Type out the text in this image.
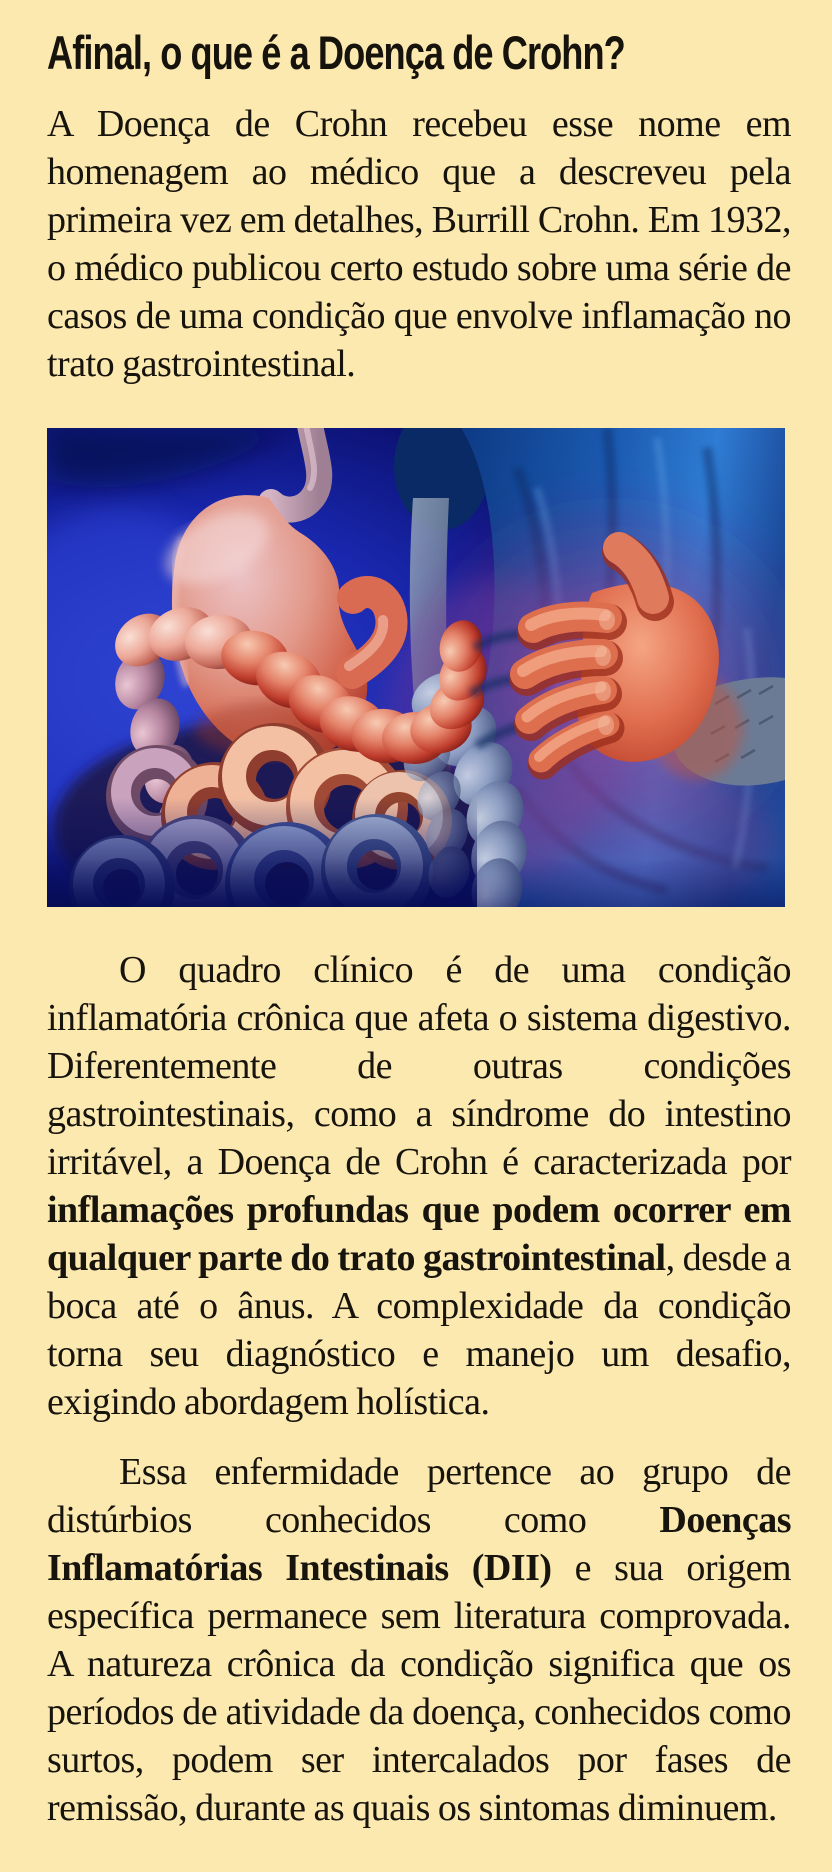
Afinal, o que é a Doença de Crohn?

A Doença de Crohn recebeu esse nome em homenagem ao médico que a descreveu pela primeira vez em detalhes, Burrill Crohn. Em 1932, o médico publicou certo estudo sobre uma série de casos de uma condição que envolve inflamação no trato gastrointestinal.

O quadro clínico é de uma condição inflamatória crônica que afeta o sistema digestivo. Diferentemente de outras condições gastrointestinais, como a síndrome do intestino irritável, a Doença de Crohn é caracterizada por inflamações profundas que podem ocorrer em qualquer parte do trato gastrointestinal, desde a boca até o ânus. A complexidade da condição torna seu diagnóstico e manejo um desafio, exigindo abordagem holística.

Essa enfermidade pertence ao grupo de distúrbios conhecidos como Doenças Inflamatórias Intestinais (DII) e sua origem específica permanece sem literatura comprovada. A natureza crônica da condição significa que os períodos de atividade da doença, conhecidos como surtos, podem ser intercalados por fases de remissão, durante as quais os sintomas diminuem.
